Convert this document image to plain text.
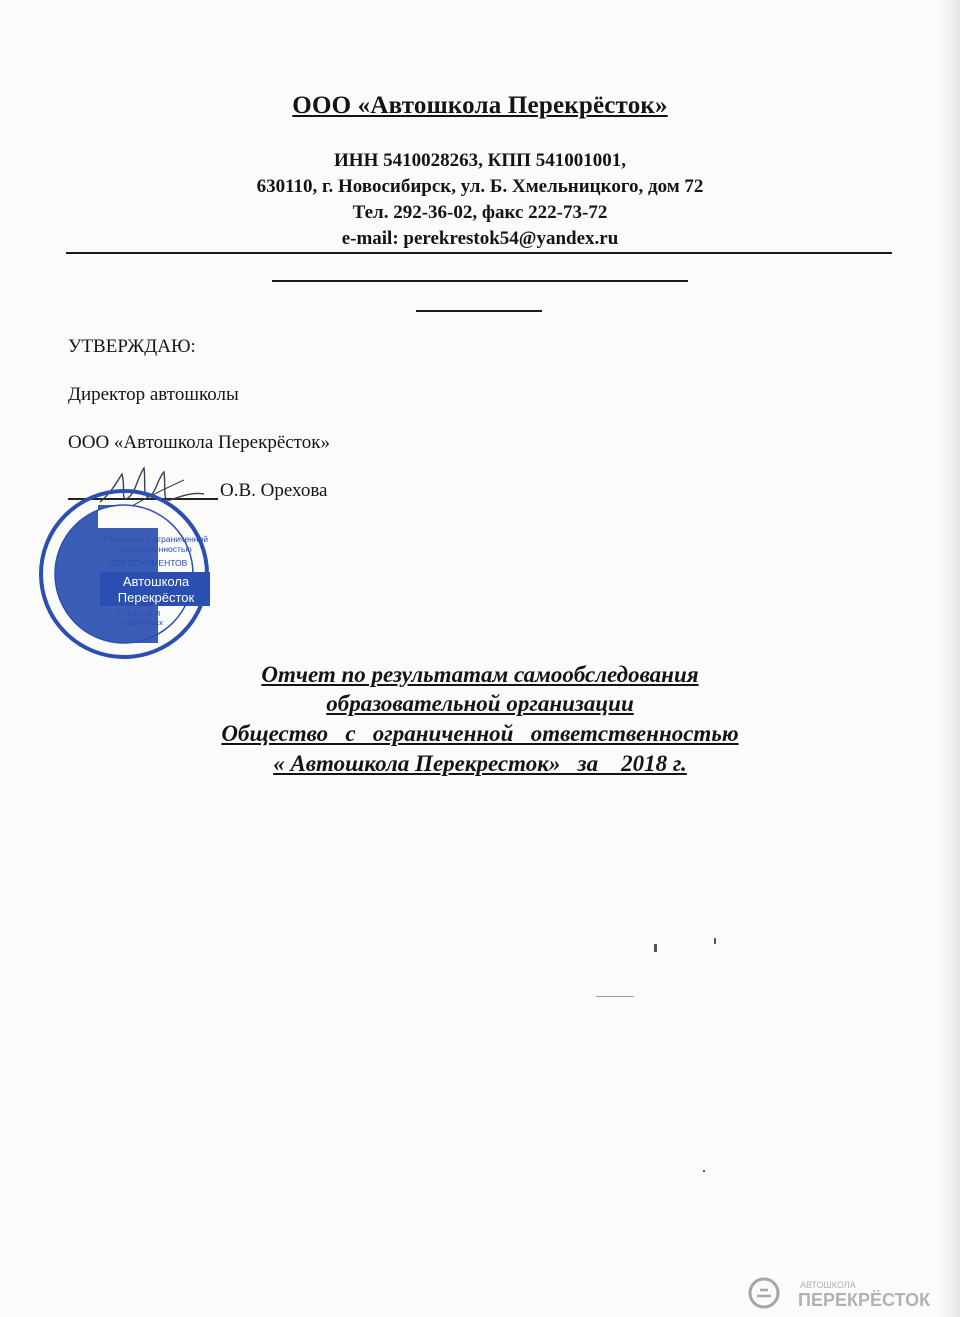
ООО «Автошкола Перекрёсток»
ИНН 5410028263, КПП 541001001,
630110, г. Новосибирск, ул. Б. Хмельницкого, дом 72
Тел. 292-36-02, факс 222-73-72
e-mail: perekrestok54@yandex.ru
УТВЕРЖДАЮ:
Директор автошколы
ООО «Автошкола Перекрёсток»
О.В. Орехова
Общество с ограниченной
ответственностью
ДЛЯ ДОКУМЕНТОВ
Автошкола
Перекрёсток
РОССИЯ
г.Новосибирск
Отчет по результатам самообследования
образовательной организации
Общество   с   ограниченной   ответственностью
« Автошкола Перекресток»   за    2018 г.
АВТОШКОЛА
ПЕРЕКРЁСТОК
